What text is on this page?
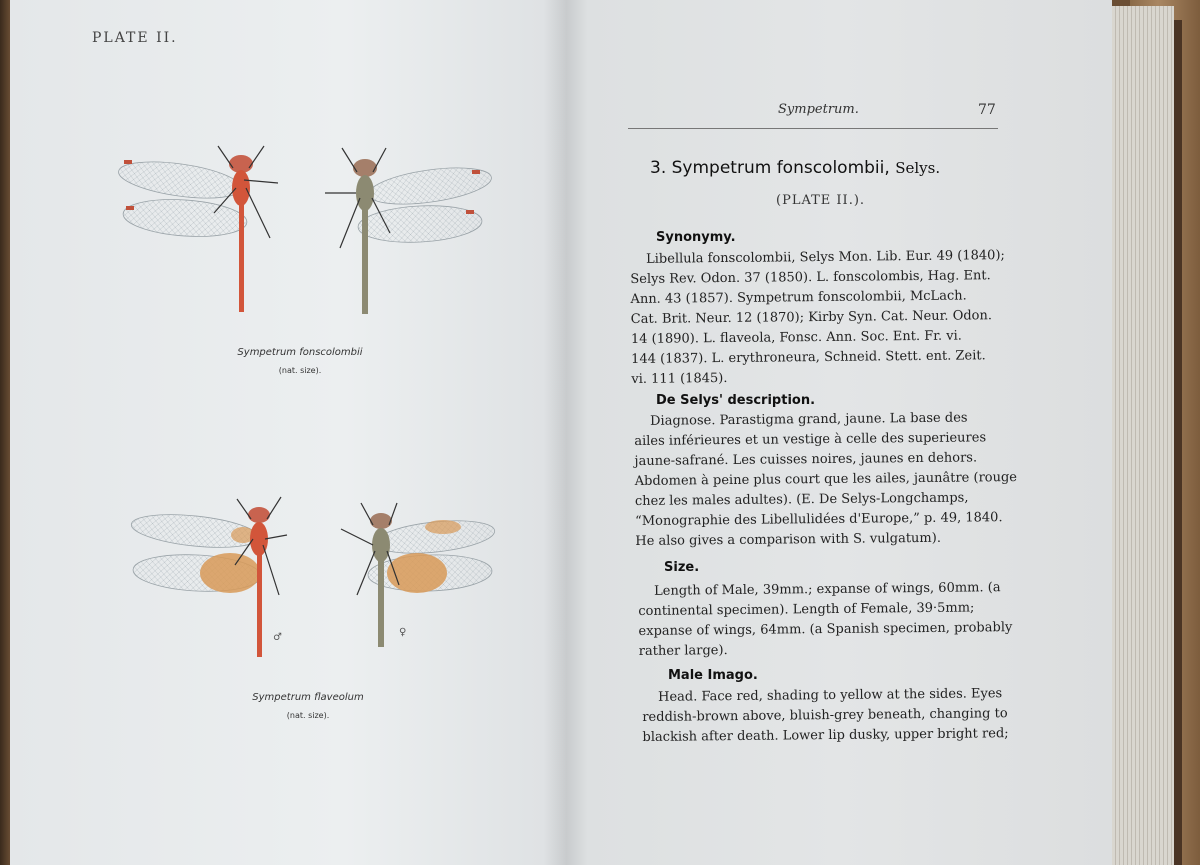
PLATE II.
Sympetrum fonscolombii
(nat. size).
♂	♀
Sympetrum flaveolum
(nat. size).
Sympetrum.	77
3. Sympetrum fonscolombii, Selys.
(PLATE II.).
Synonymy.
Libellula fonscolombii, Selys Mon. Lib. Eur. 49 (1840);
Selys Rev. Odon. 37 (1850). L. fonscolombis, Hag. Ent.
Ann. 43 (1857). Sympetrum fonscolombii, McLach.
Cat. Brit. Neur. 12 (1870); Kirby Syn. Cat. Neur. Odon.
14 (1890). L. flaveola, Fonsc. Ann. Soc. Ent. Fr. vi.
144 (1837). L. erythroneura, Schneid. Stett. ent. Zeit.
vi. 111 (1845).
De Selys' description.
Diagnose. Parastigma grand, jaune. La base des
ailes inférieures et un vestige à celle des superieures
jaune-safrané. Les cuisses noires, jaunes en dehors.
Abdomen à peine plus court que les ailes, jaunâtre (rouge
chez les males adultes). (E. De Selys-Longchamps,
“Monographie des Libellulidées d'Europe,” p. 49, 1840.
He also gives a comparison with S. vulgatum).
Size.
Length of Male, 39mm.; expanse of wings, 60mm. (a
continental specimen). Length of Female, 39·5mm;
expanse of wings, 64mm. (a Spanish specimen, probably
rather large).
Male Imago.
Head. Face red, shading to yellow at the sides. Eyes
reddish-brown above, bluish-grey beneath, changing to
blackish after death. Lower lip dusky, upper bright red;
